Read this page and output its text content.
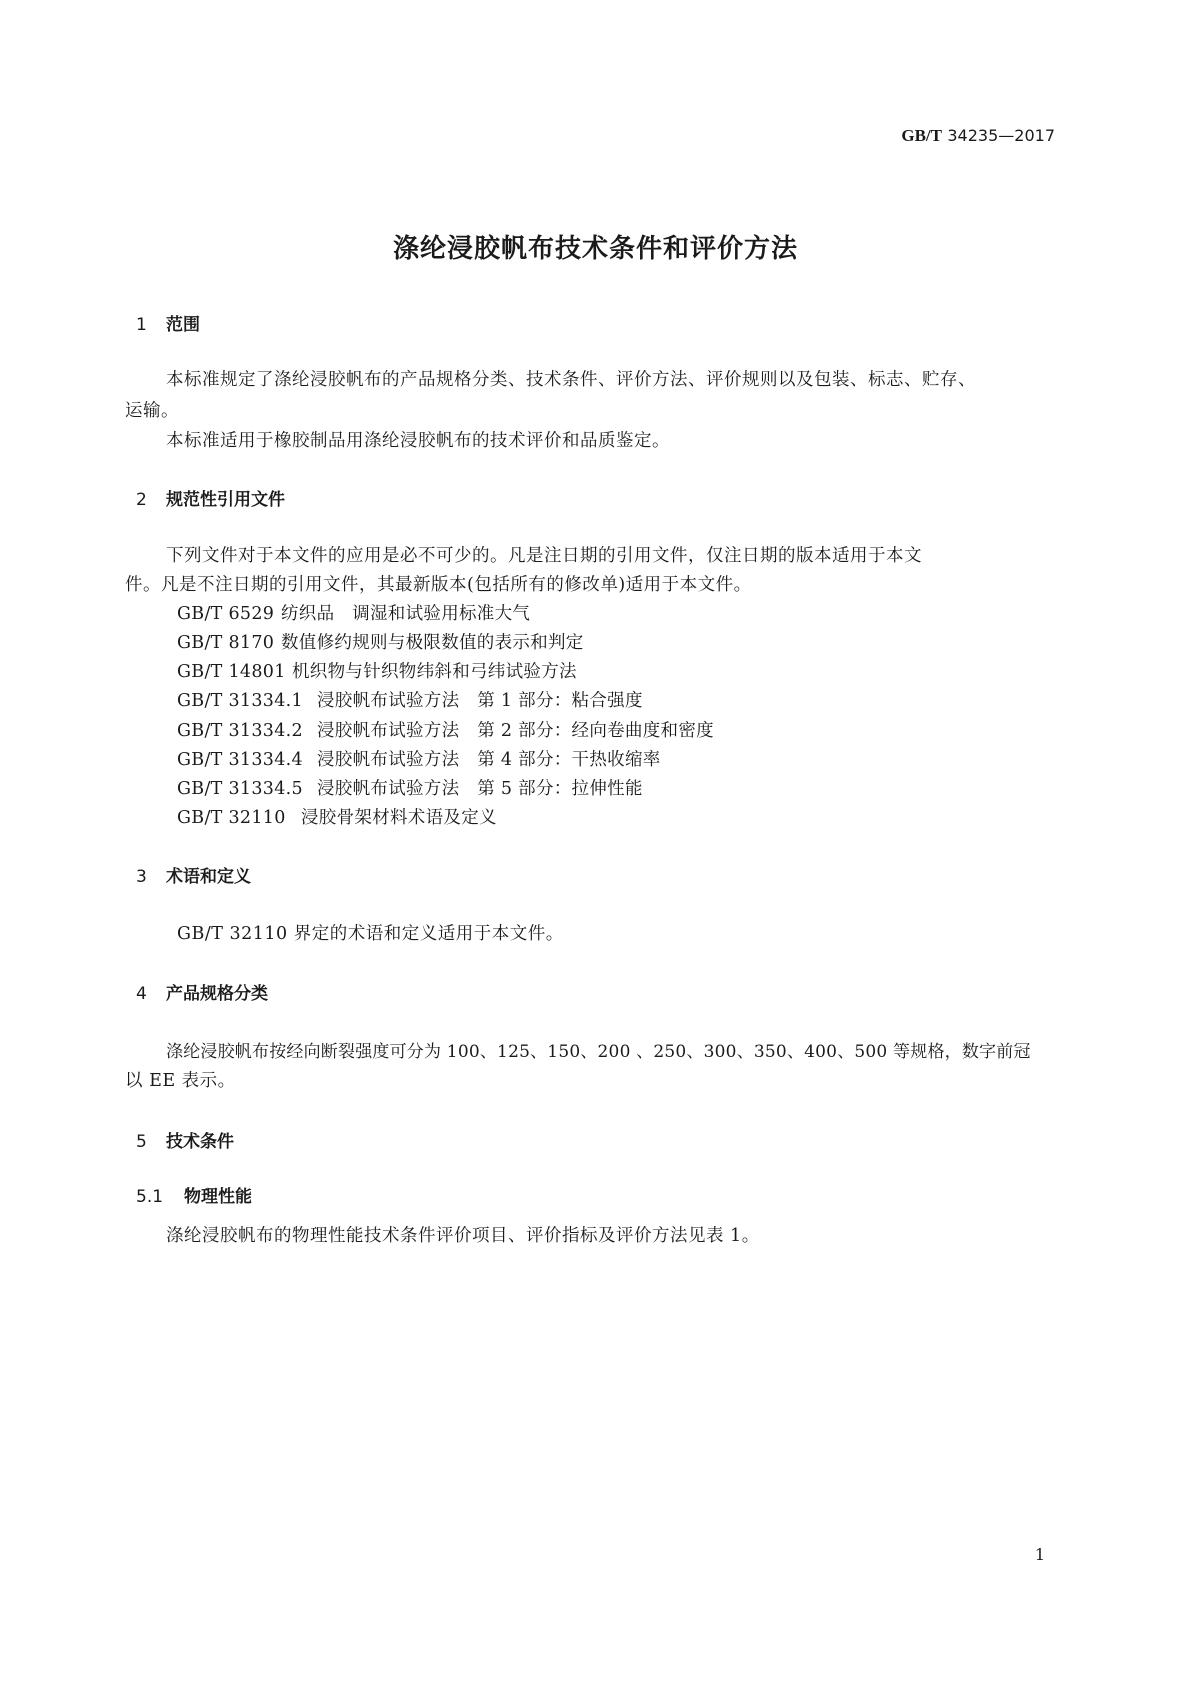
GB/T 34235—2017
涤纶浸胶帆布技术条件和评价方法
1 范围
本标准规定了涤纶浸胶帆布的产品规格分类、技术条件、评价方法、评价规则以及包装、标志、贮存、
运输。
本标准适用于橡胶制品用涤纶浸胶帆布的技术评价和品质鉴定。
2 规范性引用文件
下列文件对于本文件的应用是必不可少的。凡是注日期的引用文件，仅注日期的版本适用于本文
件。凡是不注日期的引用文件，其最新版本(包括所有的修改单)适用于本文件。
GB/T 6529 纺织品　调湿和试验用标准大气
GB/T 8170 数值修约规则与极限数值的表示和判定
GB/T 14801 机织物与针织物纬斜和弓纬试验方法
GB/T 31334.1 浸胶帆布试验方法　第 1 部分：粘合强度
GB/T 31334.2 浸胶帆布试验方法　第 2 部分：经向卷曲度和密度
GB/T 31334.4 浸胶帆布试验方法　第 4 部分：干热收缩率
GB/T 31334.5 浸胶帆布试验方法　第 5 部分：拉伸性能
GB/T 32110 浸胶骨架材料术语及定义
3 术语和定义
GB/T 32110 界定的术语和定义适用于本文件。
4 产品规格分类
涤纶浸胶帆布按经向断裂强度可分为 100、125、150、200 、250、300、350、400、500 等规格，数字前冠
以 EE 表示。
5 技术条件
5.1 物理性能
涤纶浸胶帆布的物理性能技术条件评价项目、评价指标及评价方法见表 1。
1
